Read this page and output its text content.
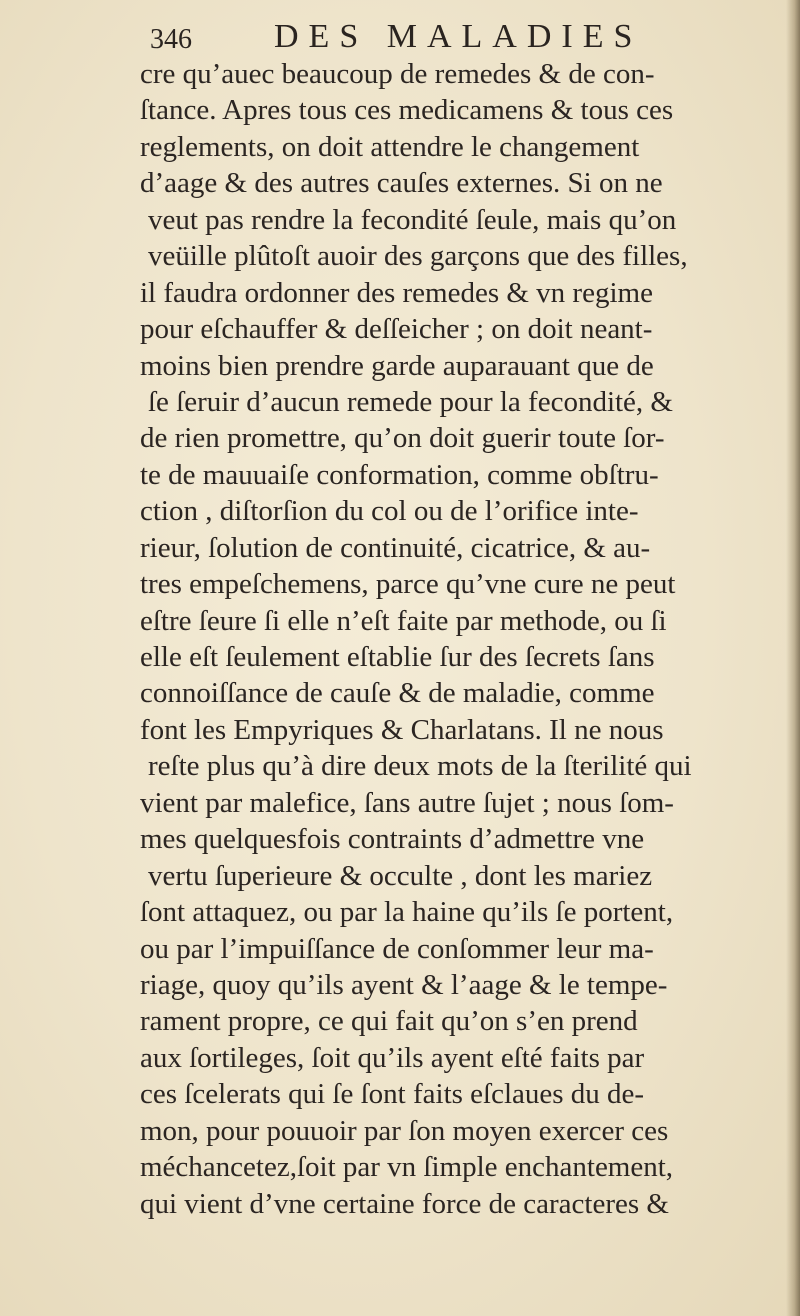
346 DES MALADIES
cre qu’auec beaucoup de remedes & de con-
ſtance. Apres tous ces medicamens & tous ces
reglements, on doit attendre le changement
d’aage & des autres cauſes externes. Si on ne
veut pas rendre la fecondité ſeule, mais qu’on
veüille plûtoſt auoir des garçons que des filles,
il faudra ordonner des remedes & vn regime
pour eſchauffer & deſſeicher ; on doit neant-
moins bien prendre garde auparauant que de
ſe ſeruir d’aucun remede pour la fecondité, &
de rien promettre, qu’on doit guerir toute ſor-
te de mauuaiſe conformation, comme obſtru-
ction , diſtorſion du col ou de l’orifice inte-
rieur, ſolution de continuité, cicatrice, & au-
tres empeſchemens, parce qu’vne cure ne peut
eſtre ſeure ſi elle n’eſt faite par methode, ou ſi
elle eſt ſeulement eſtablie ſur des ſecrets ſans
connoiſſance de cauſe & de maladie, comme
font les Empyriques & Charlatans. Il ne nous
reſte plus qu’à dire deux mots de la ſterilité qui
vient par malefice, ſans autre ſujet ; nous ſom-
mes quelquesfois contraints d’admettre vne
vertu ſuperieure & occulte , dont les mariez
ſont attaquez, ou par la haine qu’ils ſe portent,
ou par l’impuiſſance de conſommer leur ma-
riage, quoy qu’ils ayent & l’aage & le tempe-
rament propre, ce qui fait qu’on s’en prend
aux ſortileges, ſoit qu’ils ayent eſté faits par
ces ſcelerats qui ſe ſont faits eſclaues du de-
mon, pour pouuoir par ſon moyen exercer ces
méchancetez,ſoit par vn ſimple enchantement,
qui vient d’vne certaine force de caracteres &
